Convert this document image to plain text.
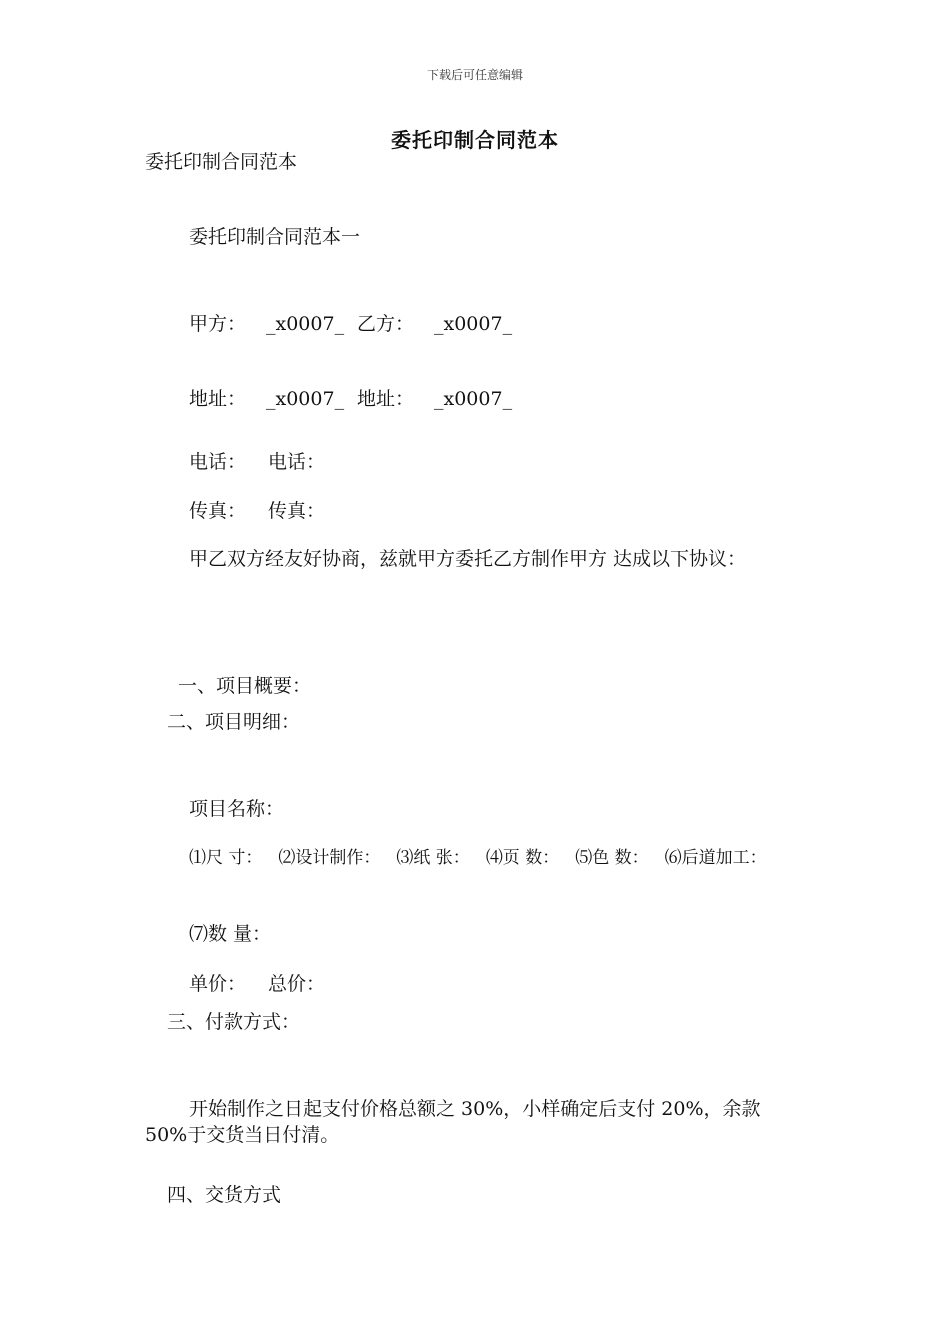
下载后可任意编辑
委托印制合同范本
委托印制合同范本
委托印制合同范本一
甲方： _x0007_ 乙方： _x0007_
地址： _x0007_ 地址： _x0007_
电话： 电话：
传真： 传真：
甲乙双方经友好协商，兹就甲方委托乙方制作甲方 达成以下协议：
一、项目概要：
二、项目明细：
项目名称：
⑴尺 寸： ⑵设计制作： ⑶纸 张： ⑷页 数： ⑸色 数： ⑹后道加工：
⑺数 量：
单价： 总价：
三、付款方式：
开始制作之日起支付价格总额之 30%，小样确定后支付 20%，余款 50%于交货当日付清。
四、交货方式
